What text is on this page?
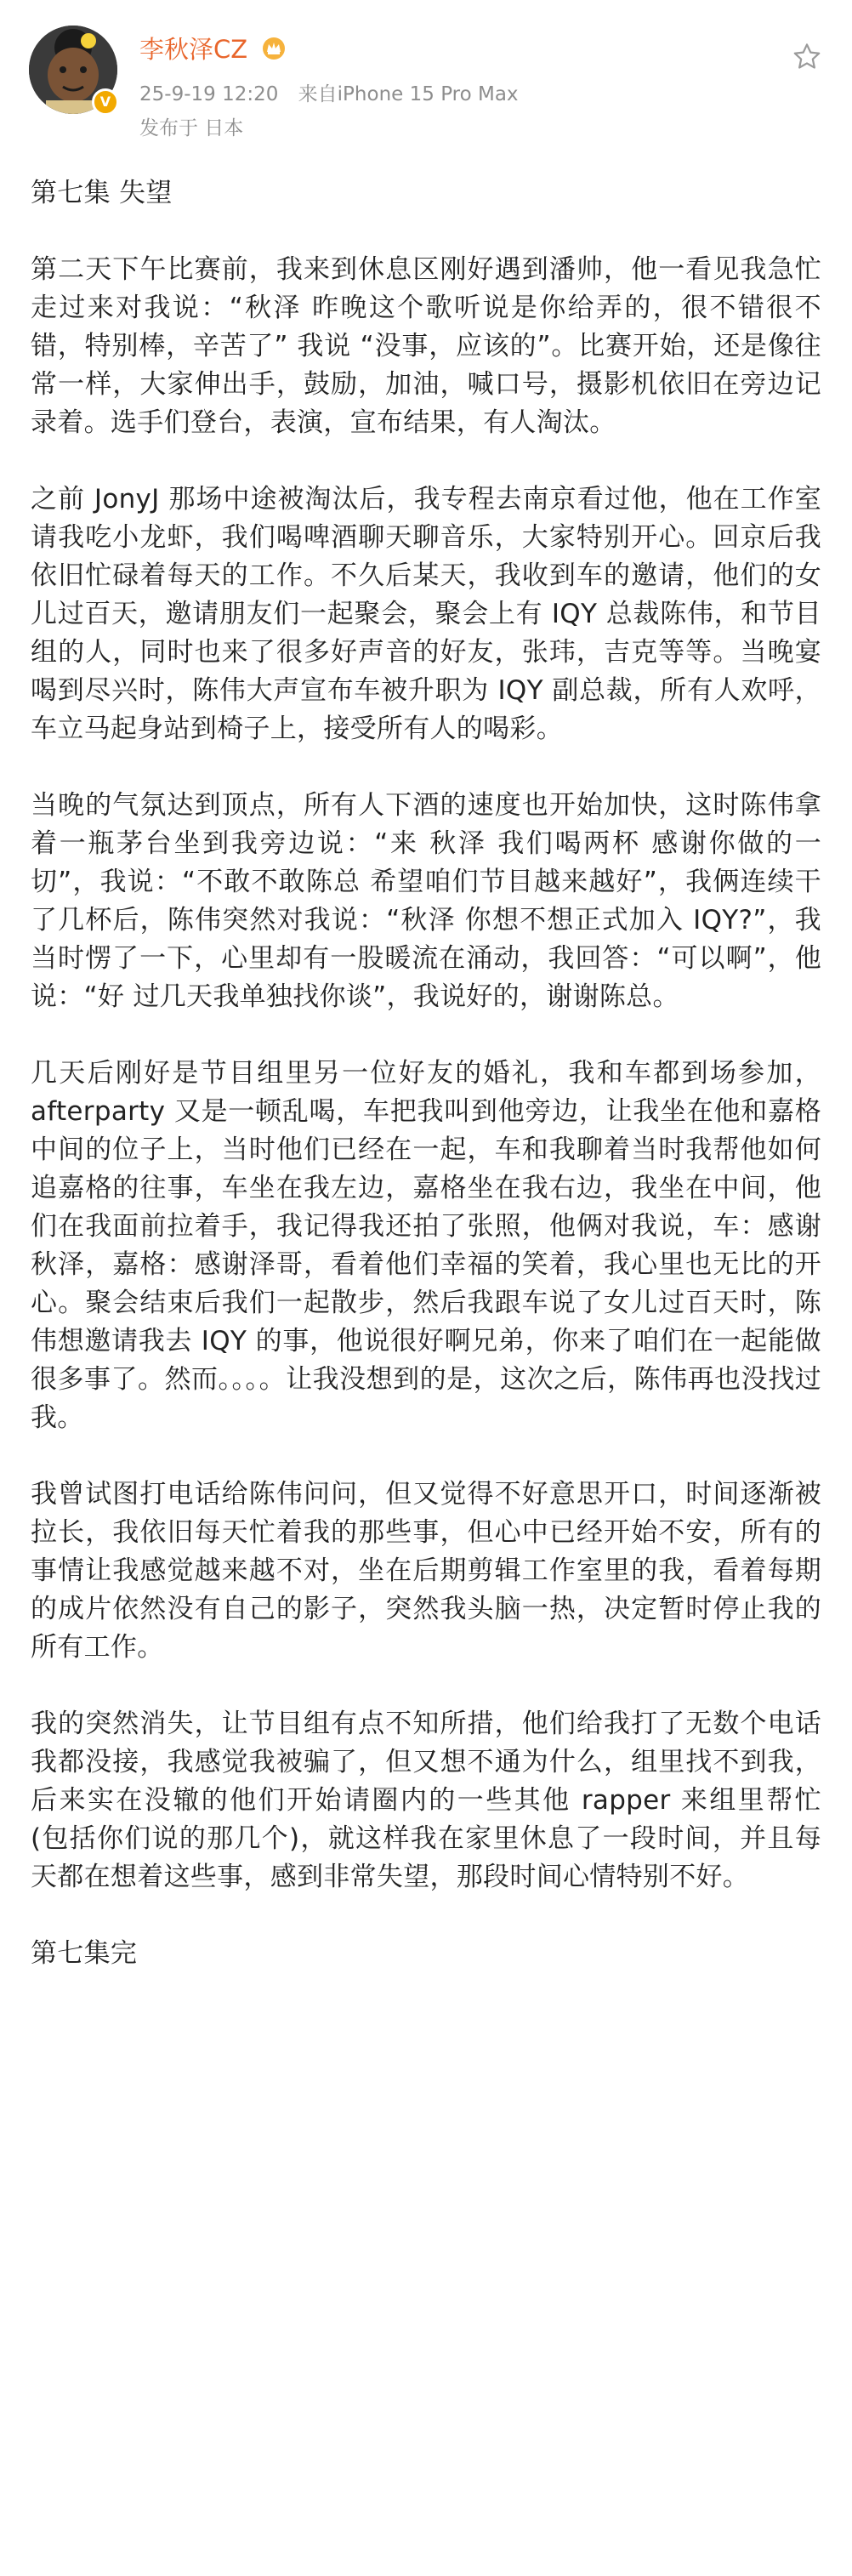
V
李秋泽CZ
25-9-19 12:20 来自iPhone 15 Pro Max
发布于 日本

第七集 失望

第二天下午比赛前，我来到休息区刚好遇到潘帅，他一看见我急忙走过来对我说：“秋泽 昨晚这个歌听说是你给弄的，很不错很不错，特别棒，辛苦了” 我说 “没事，应该的”。比赛开始，还是像往常一样，大家伸出手，鼓励，加油，喊口号，摄影机依旧在旁边记录着。选手们登台，表演，宣布结果，有人淘汰。

之前 JonyJ 那场中途被淘汰后，我专程去南京看过他，他在工作室请我吃小龙虾，我们喝啤酒聊天聊音乐，大家特别开心。回京后我依旧忙碌着每天的工作。不久后某天，我收到车的邀请，他们的女儿过百天，邀请朋友们一起聚会，聚会上有 IQY 总裁陈伟，和节目组的人，同时也来了很多好声音的好友，张玮，吉克等等。当晚宴喝到尽兴时，陈伟大声宣布车被升职为 IQY 副总裁，所有人欢呼，车立马起身站到椅子上，接受所有人的喝彩。

当晚的气氛达到顶点，所有人下酒的速度也开始加快，这时陈伟拿着一瓶茅台坐到我旁边说：“来 秋泽 我们喝两杯 感谢你做的一切”，我说：“不敢不敢陈总 希望咱们节目越来越好”，我俩连续干了几杯后，陈伟突然对我说：“秋泽 你想不想正式加入 IQY?”，我当时愣了一下，心里却有一股暖流在涌动，我回答：“可以啊”，他说：“好 过几天我单独找你谈”，我说好的，谢谢陈总。

几天后刚好是节目组里另一位好友的婚礼，我和车都到场参加，afterparty 又是一顿乱喝，车把我叫到他旁边，让我坐在他和嘉格中间的位子上，当时他们已经在一起，车和我聊着当时我帮他如何追嘉格的往事，车坐在我左边，嘉格坐在我右边，我坐在中间，他们在我面前拉着手，我记得我还拍了张照，他俩对我说，车：感谢秋泽，嘉格：感谢泽哥，看着他们幸福的笑着，我心里也无比的开心。聚会结束后我们一起散步，然后我跟车说了女儿过百天时，陈伟想邀请我去 IQY 的事，他说很好啊兄弟，你来了咱们在一起能做很多事了。然而。。。。让我没想到的是，这次之后，陈伟再也没找过我。

我曾试图打电话给陈伟问问，但又觉得不好意思开口，时间逐渐被拉长，我依旧每天忙着我的那些事，但心中已经开始不安，所有的事情让我感觉越来越不对，坐在后期剪辑工作室里的我，看着每期的成片依然没有自己的影子，突然我头脑一热，决定暂时停止我的所有工作。

我的突然消失，让节目组有点不知所措，他们给我打了无数个电话我都没接，我感觉我被骗了，但又想不通为什么，组里找不到我，后来实在没辙的他们开始请圈内的一些其他 rapper 来组里帮忙 (包括你们说的那几个)，就这样我在家里休息了一段时间，并且每天都在想着这些事，感到非常失望，那段时间心情特别不好。

第七集完
